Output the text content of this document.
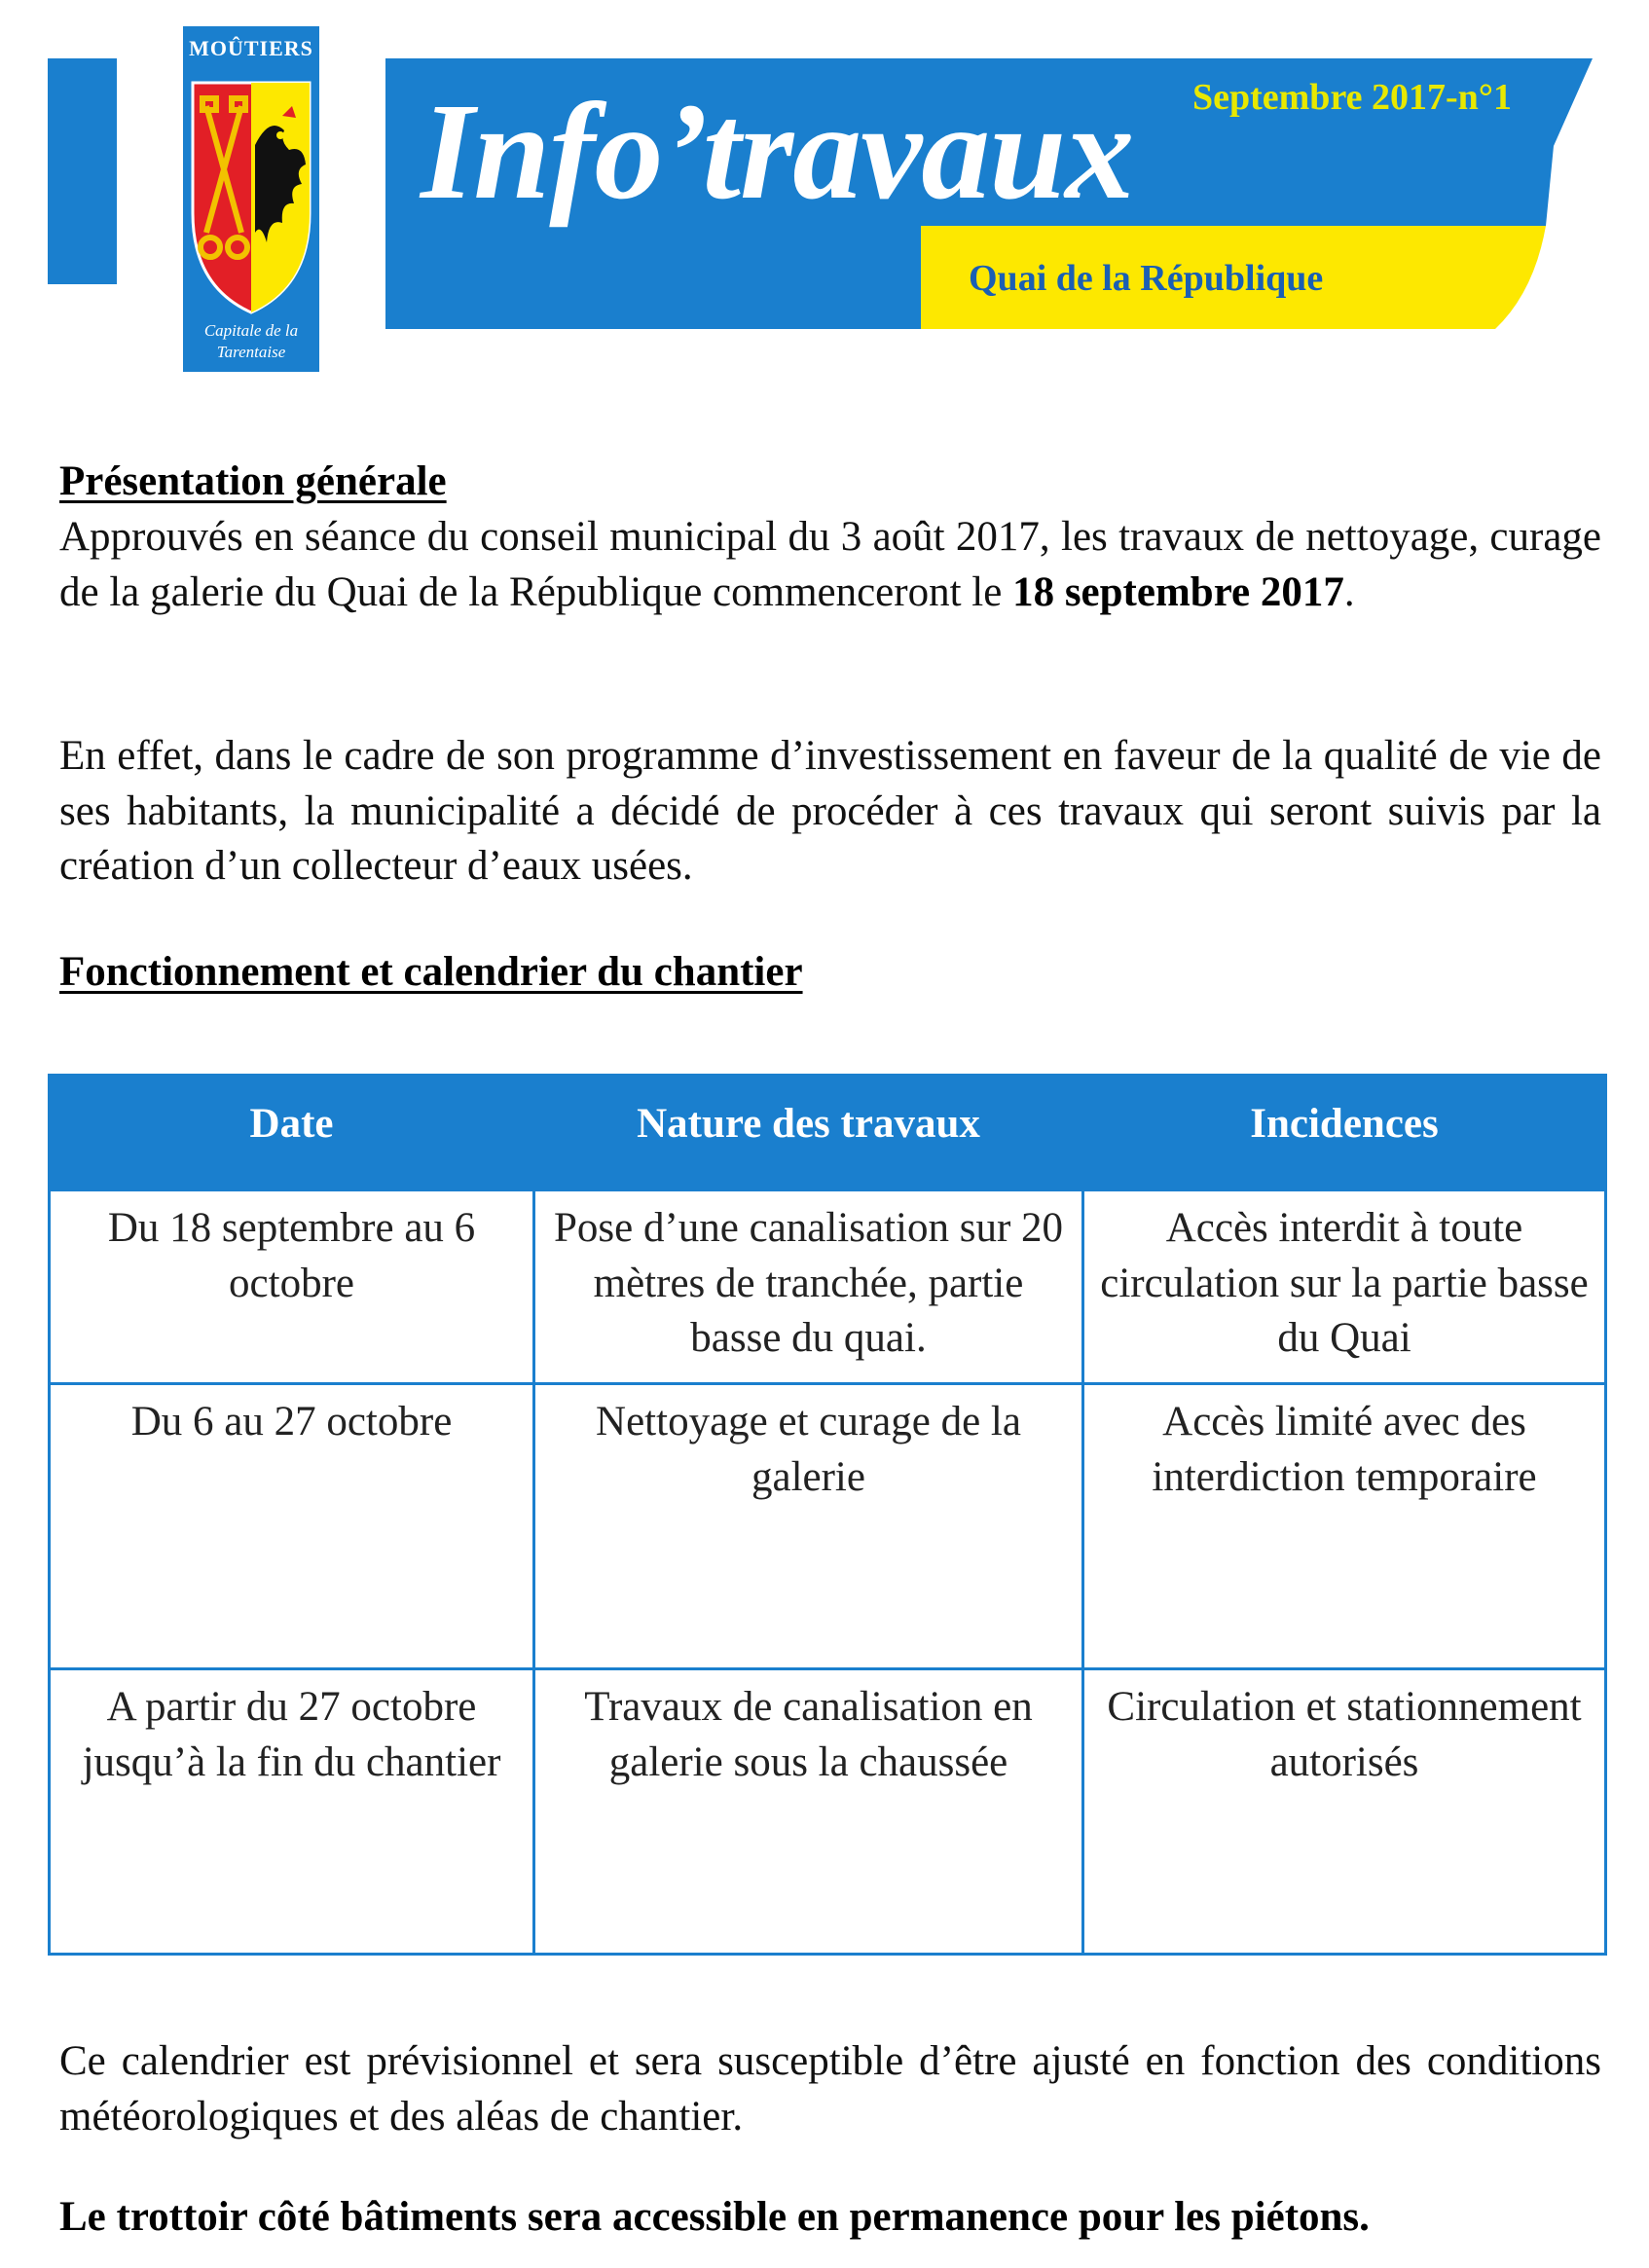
MOÛTIERS
Capitale de la
Tarentaise
Septembre 2017-n°1
Info’travaux
Quai de la République
Présentation générale
Approuvés en séance du conseil municipal du 3 août 2017, les travaux de nettoyage, curage de la galerie du Quai de la République commenceront le 18 septembre 2017.
En effet, dans le cadre de son programme d’investissement en faveur de la qualité de vie de ses habitants, la municipalité a décidé de procéder à ces travaux qui seront suivis par la création d’un collecteur d’eaux usées.
Fonctionnement et calendrier du chantier
Date	Nature des travaux	Incidences
Du 18 septembre au 6 octobre	Pose d’une canalisation sur 20 mètres de tranchée, partie basse du quai.	Accès interdit à toute circulation sur la partie basse du Quai
Du 6 au 27 octobre	Nettoyage et curage de la galerie	Accès limité avec des interdiction temporaire
A partir du 27 octobre jusqu’à la fin du chantier	Travaux de canalisation en galerie sous la chaussée	Circulation et stationnement autorisés
Ce calendrier est prévisionnel et sera susceptible d’être ajusté en fonction des conditions météorologiques et des aléas de chantier.
Le trottoir côté bâtiments sera accessible en permanence pour les piétons.
